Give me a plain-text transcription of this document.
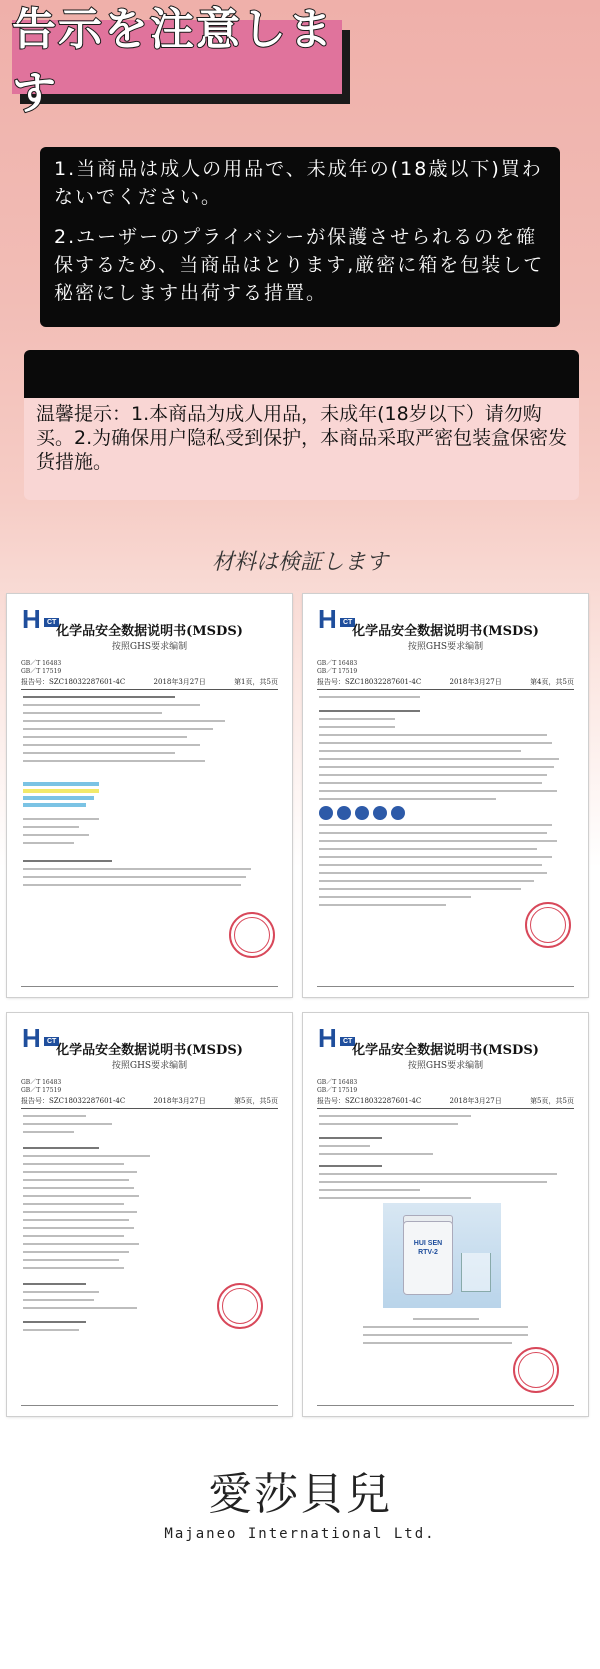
告示を注意します

1.当商品は成人の用品で、未成年の(18歳以下)買わないでください。

2.ユーザーのプライバシーが保護させられるのを確保するため、当商品はとります,厳密に箱を包装して秘密にします出荷する措置。

温馨提示：1.本商品为成人用品，未成年(18岁以下）请勿购买。2.为确保用户隐私受到保护，本商品采取严密包装盒保密发货措施。
材料は検証します
H CT
化学品安全数据说明书(MSDS)
按照GHS要求编制
GB／T 16483
GB／T 17519
报告号：SZC18032287601-4C	2018年3月27日	第1页，共5页
H CT
化学品安全数据说明书(MSDS)
按照GHS要求编制
GB／T 16483
GB／T 17519
报告号：SZC18032287601-4C	2018年3月27日	第4页，共5页
H CT
化学品安全数据说明书(MSDS)
按照GHS要求编制
GB／T 16483
GB／T 17519
报告号：SZC18032287601-4C	2018年3月27日	第5页，共5页
H CT
化学品安全数据说明书(MSDS)
按照GHS要求编制
GB／T 16483
GB／T 17519
报告号：SZC18032287601-4C	2018年3月27日	第5页，共5页
HUI SEN RTV-2
愛莎貝兒
Majaneo International Ltd.
